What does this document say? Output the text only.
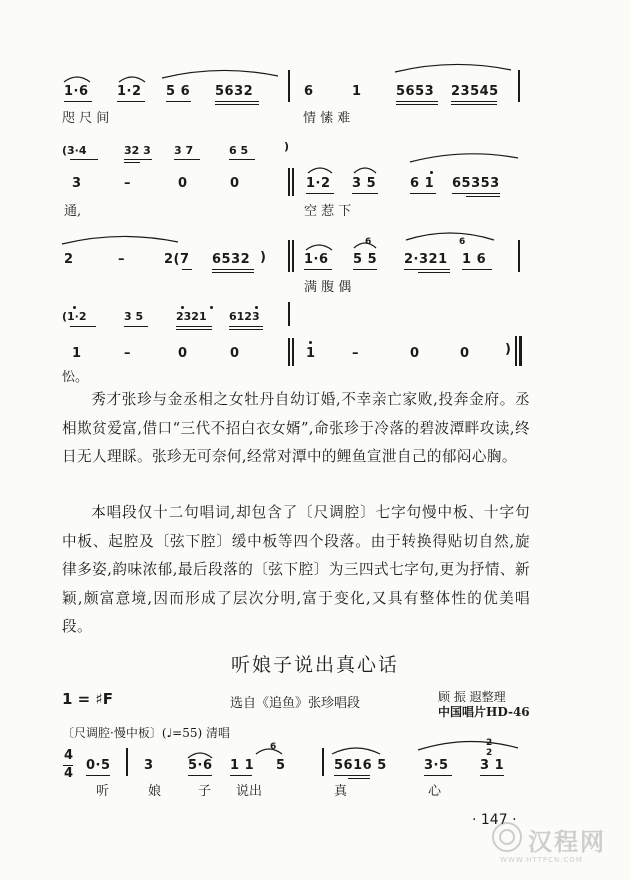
1·6 1·2 5 6 5632
咫 尺 间
6	1	5653 23545
情 愫 难
(3·4	32 3 3 7	6 5	)
3	–	0	0
通,
1·2 3 5	6 1 65353
空 惹 下
2	–	2(7 6532 )
6	6
1·6 5 5 2·321 1 6
满 腹 偶
(1·2	3 5	2321 6123
1	–	0	0
忪。
1	–	0	0	)

秀才张珍与金丞相之女牡丹自幼订婚,不幸亲亡家败,投奔金府。丞相欺贫爱富,借口“三代不招白衣女婿”,命张珍于冷落的碧波潭畔攻读,终日无人理睬。张珍无可奈何,经常对潭中的鲤鱼宣泄自己的郁闷心胸。

本唱段仅十二句唱词,却包含了〔尺调腔〕七字句慢中板、十字句中板、起腔及〔弦下腔〕缓中板等四个段落。由于转换得贴切自然,旋律多姿,韵味浓郁,最后段落的〔弦下腔〕为三四式七字句,更为抒情、新颖,颇富意境,因而形成了层次分明,富于变化,又具有整体性的优美唱段。

听娘子说出真心话
1 = ♯F	选自《追鱼》张珍唱段	顾 振 遐整理
中国唱片HD-46
〔尺调腔·慢中板〕(♩=55) 清唱
4
4
0·5	3	5·6 1 1
6
5	5616 5	3·5
2
2
3 1
听	娘	子 说出	真	心
· 147 ·
汉程网
WWW.HTTPCN.COM
